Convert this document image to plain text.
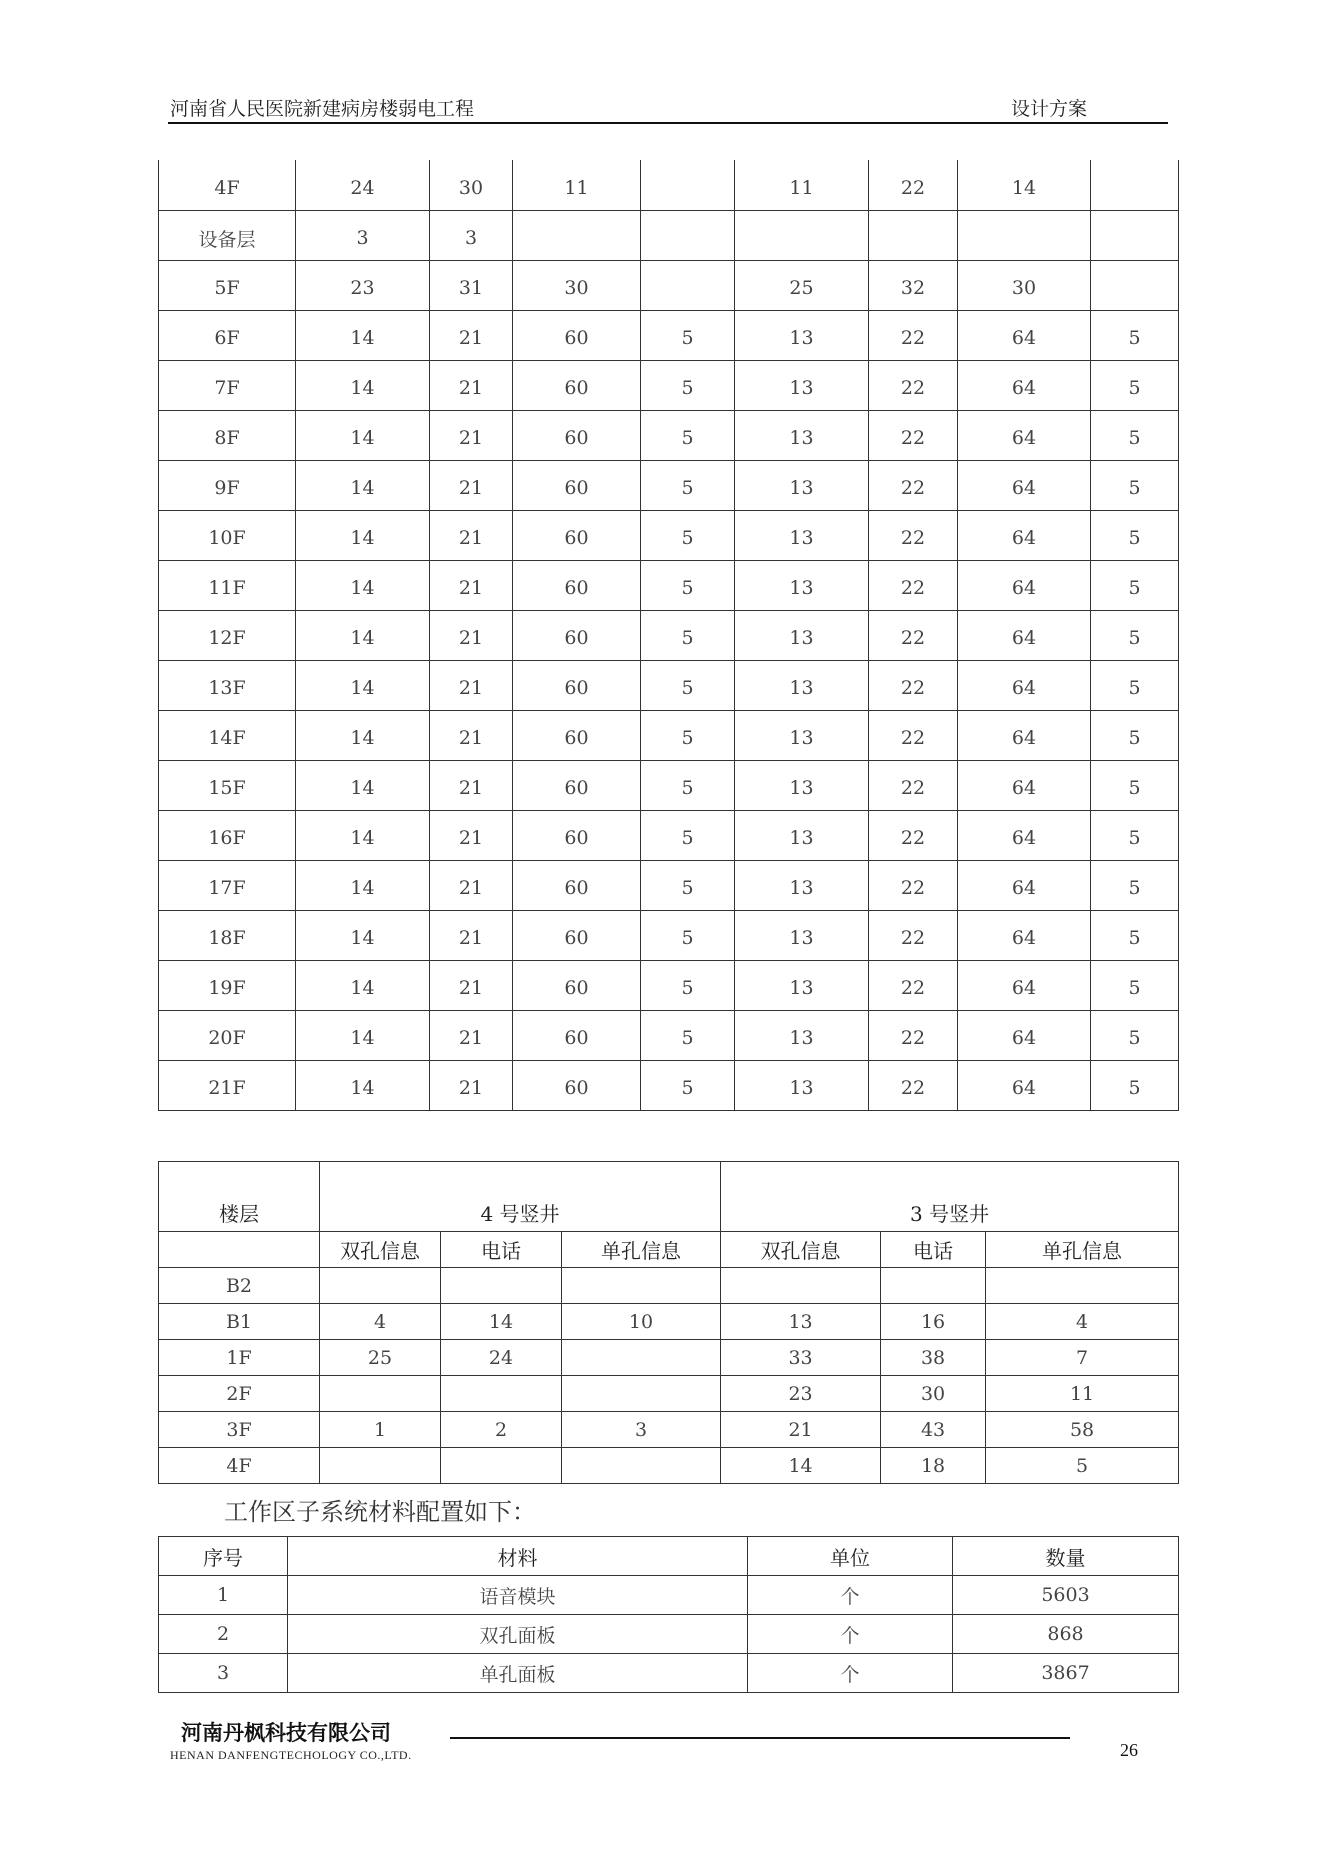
河南省人民医院新建病房楼弱电工程	设计方案
4F	24	30	11		11	22	14	
设备层	3	3						
5F	23	31	30		25	32	30	
6F	14	21	60	5	13	22	64	5
7F	14	21	60	5	13	22	64	5
8F	14	21	60	5	13	22	64	5
9F	14	21	60	5	13	22	64	5
10F	14	21	60	5	13	22	64	5
11F	14	21	60	5	13	22	64	5
12F	14	21	60	5	13	22	64	5
13F	14	21	60	5	13	22	64	5
14F	14	21	60	5	13	22	64	5
15F	14	21	60	5	13	22	64	5
16F	14	21	60	5	13	22	64	5
17F	14	21	60	5	13	22	64	5
18F	14	21	60	5	13	22	64	5
19F	14	21	60	5	13	22	64	5
20F	14	21	60	5	13	22	64	5
21F	14	21	60	5	13	22	64	5
楼层	4 号竖井			3 号竖井		
	双孔信息	电话	单孔信息	双孔信息	电话	单孔信息
B2						
B1	4	14	10	13	16	4
1F	25	24		33	38	7
2F				23	30	11
3F	1	2	3	21	43	58
4F				14	18	5
工作区子系统材料配置如下：
序号	材料	单位	数量
1	语音模块	个	5603
2	双孔面板	个	868
3	单孔面板	个	3867
河南丹枫科技有限公司
HENAN DANFENGTECHOLOGY CO.,LTD.	26
